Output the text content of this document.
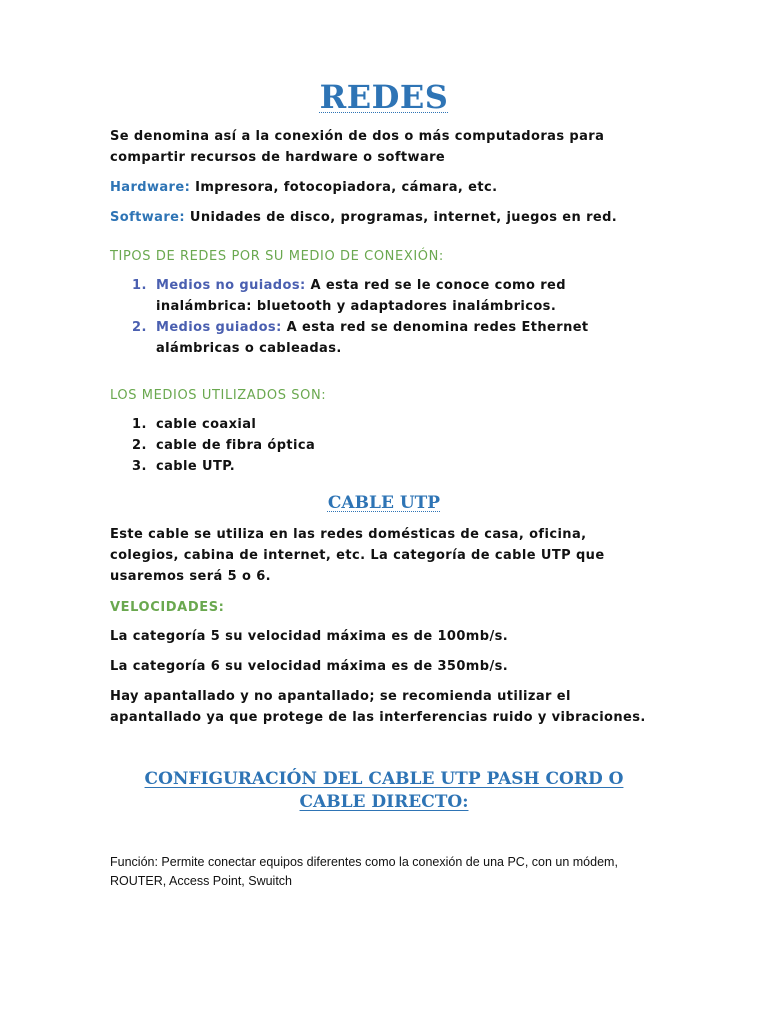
REDES

Se denomina así a la conexión de dos o más computadoras para compartir recursos de hardware o software

Hardware: Impresora, fotocopiadora, cámara, etc.

Software: Unidades de disco, programas, internet, juegos en red.

TIPOS DE REDES POR SU MEDIO DE CONEXIÓN:

1. Medios no guiados: A esta red se le conoce como red inalámbrica: bluetooth y adaptadores inalámbricos.
2. Medios guiados: A esta red se denomina redes Ethernet alámbricas o cableadas.

LOS MEDIOS UTILIZADOS SON:

1. cable coaxial
2. cable de fibra óptica
3. cable UTP.
CABLE UTP

Este cable se utiliza en las redes domésticas de casa, oficina, colegios, cabina de internet, etc. La categoría de cable UTP que usaremos será 5 o 6.

VELOCIDADES:

La categoría 5 su velocidad máxima es de 100mb/s.

La categoría 6 su velocidad máxima es de 350mb/s.

Hay apantallado y no apantallado; se recomienda utilizar el apantallado ya que protege de las interferencias ruido y vibraciones.

CONFIGURACIÓN DEL CABLE UTP PASH CORD O CABLE DIRECTO:

Función: Permite conectar equipos diferentes como la conexión de una PC, con un módem, ROUTER, Access Point, Swuitch
